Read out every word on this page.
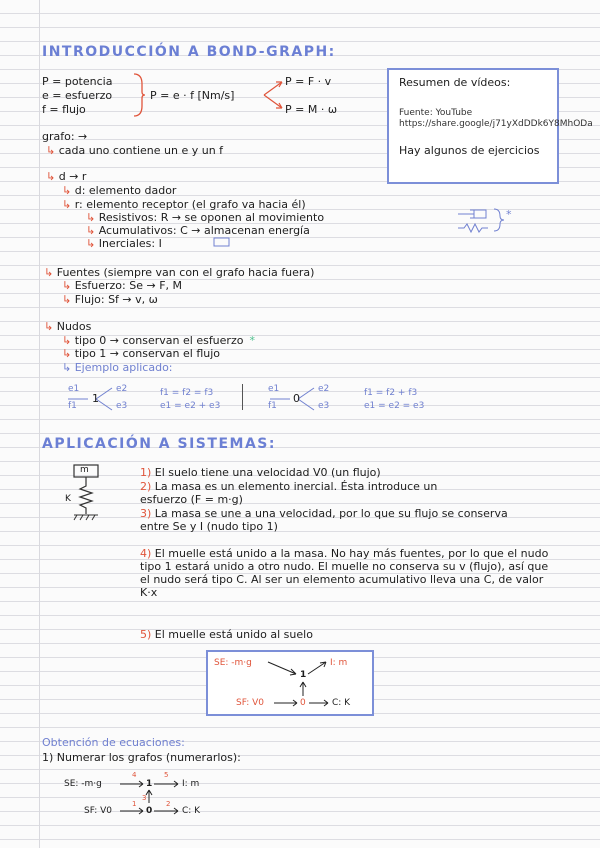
INTRODUCCIÓN A BOND-GRAPH:
P = potencia
e = esfuerzo
f = flujo
P = e · f [Nm/s]
P = F · v
P = M · ω
Resumen de vídeos:
Fuente: YouTube https://share.google/j71yXdDDk6Y8MhODa
Hay algunos de ejercicios
grafo: →
↳ cada uno contiene un e y un f
↳ d → r
↳ d: elemento dador
↳ r: elemento receptor (el grafo va hacia él)
↳ Resistivos: R → se oponen al movimiento
↳ Acumulativos: C → almacenan energía
↳ Inerciales: I
*
↳ Fuentes (siempre van con el grafo hacia fuera)
↳ Esfuerzo: Se → F, M
↳ Flujo: Sf → v, ω
↳ Nudos
↳ tipo 0 → conservan el esfuerzo *
↳ tipo 1 → conservan el flujo
↳ Ejemplo aplicado:
e1
f1
1
e2
e3
f1 = f2 = f3
e1 = e2 + e3
e1
f1
0
e2
e3
f1 = f2 + f3
e1 = e2 = e3
APLICACIÓN A SISTEMAS:
m
K
1) El suelo tiene una velocidad V0 (un flujo)
2) La masa es un elemento inercial. Ésta introduce un esfuerzo (F = m·g)
3) La masa se une a una velocidad, por lo que su flujo se conserva entre Se y I (nudo tipo 1)
4) El muelle está unido a la masa. No hay más fuentes, por lo que el nudo tipo 1 estará unido a otro nudo. El muelle no conserva su v (flujo), así que el nudo será tipo C. Al ser un elemento acumulativo lleva una C, de valor K·x
5) El muelle está unido al suelo
SE: -m·g	I: m
1
SF: V0	0	C: K
Obtención de ecuaciones:
1) Numerar los grafos (numerarlos):
SE: -m·g	1	I: m
SF: V0	0	C: K
4	5
3
1	2
